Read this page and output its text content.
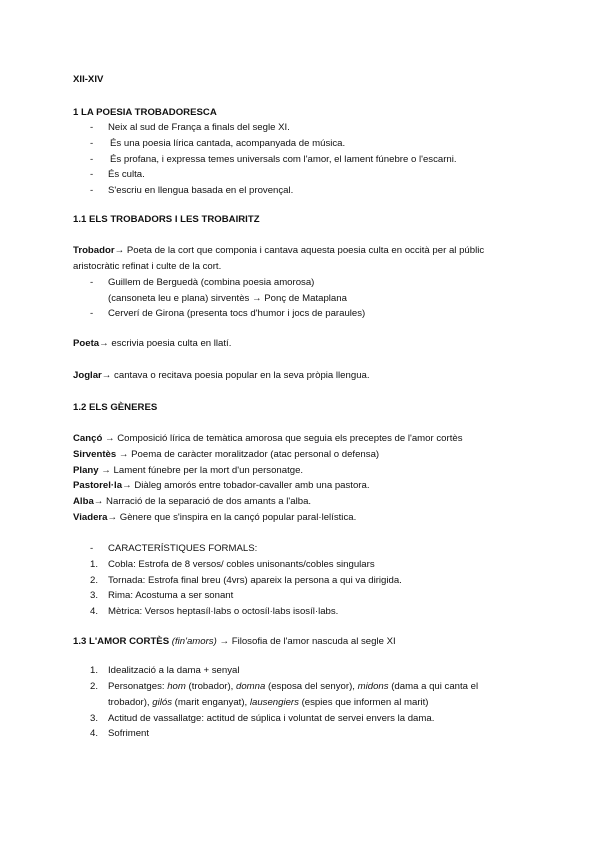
XII-XIV
1 LA POESIA TROBADORESCA
- Neix al sud de França a finals del segle XI.
- És una poesia lírica cantada, acompanyada de música.
- És profana, i expressa temes universals com l'amor, el lament fúnebre o l'escarni.
- És culta.
- S'escriu en llengua basada en el provençal.
1.1 ELS TROBADORS I LES TROBAIRITZ
Trobador→ Poeta de la cort que componia i cantava aquesta poesia culta en occità per al públic
aristocràtic refinat i culte de la cort.
- Guillem de Berguedà (combina poesia amorosa)
(cansoneta leu e plana) sirventès → Ponç de Mataplana
- Cerverí de Girona (presenta tocs d'humor i jocs de paraules)
Poeta→ escrivia poesia culta en llatí.
Joglar→ cantava o recitava poesia popular en la seva pròpia llengua.
1.2 ELS GÈNERES
Cançó → Composició lírica de temàtica amorosa que seguia els preceptes de l'amor cortès
Sirventès → Poema de caràcter moralitzador (atac personal o defensa)
Plany → Lament fúnebre per la mort d'un personatge.
Pastorel·la→ Diàleg amorós entre tobador-cavaller amb una pastora.
Alba→ Narració de la separació de dos amants a l'alba.
Viadera→ Gènere que s'inspira en la cançó popular paral·lelística.
- CARACTERÍSTIQUES FORMALS:
1. Cobla: Estrofa de 8 versos/ cobles unisonants/cobles singulars
2. Tornada: Estrofa final breu (4vrs) apareix la persona a qui va dirigida.
3. Rima: Acostuma a ser sonant
4. Mètrica: Versos heptasíl·labs o octosíl·labs isosíl·labs.
1.3 L'AMOR CORTÈS (fin'amors) → Filosofia de l'amor nascuda al segle XI
1. Idealització a la dama + senyal
2. Personatges: hom (trobador), domna (esposa del senyor), midons (dama a qui canta el
trobador), gilós (marit enganyat), lausengiers (espies que informen al marit)
3. Actitud de vassallatge: actitud de súplica i voluntat de servei envers la dama.
4. Sofriment
